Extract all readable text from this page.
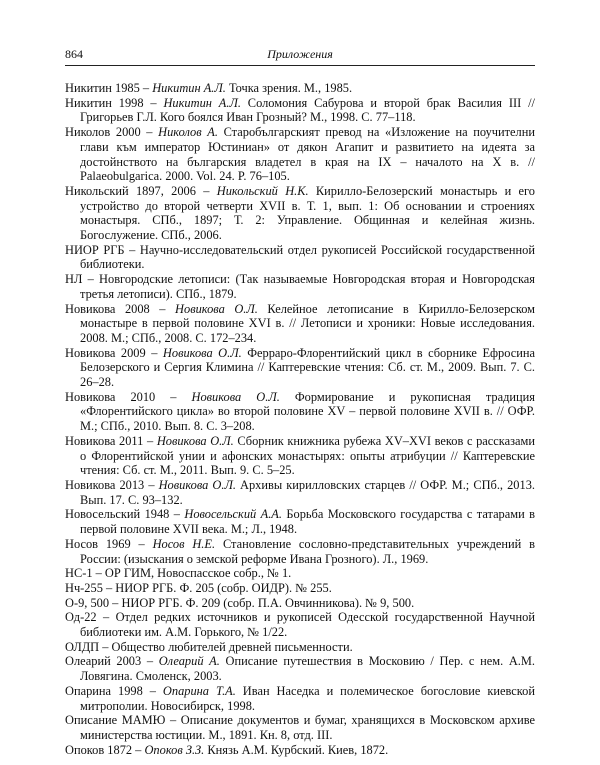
864	Приложения

Никитин 1985 – Никитин А.Л. Точка зрения. М., 1985.

Никитин 1998 – Никитин А.Л. Соломония Сабурова и второй брак Василия III // Григорьев Г.Л. Кого боялся Иван Грозный? М., 1998. С. 77–118.

Николов 2000 – Николов А. Старобългарският превод на «Изложение на поучителни глави към император Юстиниан» от дякон Агапит и развитието на идеята за достойнството на българския владетел в края на IX – началото на X в. // Palaeobulgarica. 2000. Vol. 24. P. 76–105.

Никольский 1897, 2006 – Никольский Н.К. Кирилло-Белозерский монастырь и его устройство до второй четверти XVII в. Т. 1, вып. 1: Об основании и строениях монастыря. СПб., 1897; Т. 2: Управление. Общинная и келейная жизнь. Богослужение. СПб., 2006.

НИОР РГБ – Научно-исследовательский отдел рукописей Российской государственной библиотеки.

НЛ – Новгородские летописи: (Так называемые Новгородская вторая и Новгородская третья летописи). СПб., 1879.

Новикова 2008 – Новикова О.Л. Келейное летописание в Кирилло-Белозерском монастыре в первой половине XVI в. // Летописи и хроники: Новые исследования. 2008. М.; СПб., 2008. С. 172–234.

Новикова 2009 – Новикова О.Л. Ферраро-Флорентийский цикл в сборнике Ефросина Белозерского и Сергия Климина // Каптеревские чтения: Сб. ст. М., 2009. Вып. 7. С. 26–28.

Новикова 2010 – Новикова О.Л. Формирование и рукописная традиция «Флорентийского цикла» во второй половине XV – первой половине XVII в. // ОФР. М.; СПб., 2010. Вып. 8. С. 3–208.

Новикова 2011 – Новикова О.Л. Сборник книжника рубежа XV–XVI веков с рассказами о Флорентийской унии и афонских монастырях: опыты атрибуции // Каптеревские чтения: Сб. ст. М., 2011. Вып. 9. С. 5–25.

Новикова 2013 – Новикова О.Л. Архивы кирилловских старцев // ОФР. М.; СПб., 2013. Вып. 17. С. 93–132.

Новосельский 1948 – Новосельский А.А. Борьба Московского государства с татарами в первой половине XVII века. М.; Л., 1948.

Носов 1969 – Носов Н.Е. Становление сословно-представительных учреждений в России: (изыскания о земской реформе Ивана Грозного). Л., 1969.

НС-1 – ОР ГИМ, Новоспасское собр., № 1.

Нч-255 – НИОР РГБ. Ф. 205 (собр. ОИДР). № 255.

О-9, 500 – НИОР РГБ. Ф. 209 (собр. П.А. Овчинникова). № 9, 500.

Од-22 – Отдел редких источников и рукописей Одесской государственной Научной библиотеки им. А.М. Горького, № 1/22.

ОЛДП – Общество любителей древней письменности.

Олеарий 2003 – Олеарий А. Описание путешествия в Московию / Пер. с нем. А.М. Ловягина. Смоленск, 2003.

Опарина 1998 – Опарина Т.А. Иван Наседка и полемическое богословие киевской митрополии. Новосибирск, 1998.

Описание МАМЮ – Описание документов и бумаг, хранящихся в Московском архиве министерства юстиции. М., 1891. Кн. 8, отд. III.

Опоков 1872 – Опоков З.З. Князь А.М. Курбский. Киев, 1872.
